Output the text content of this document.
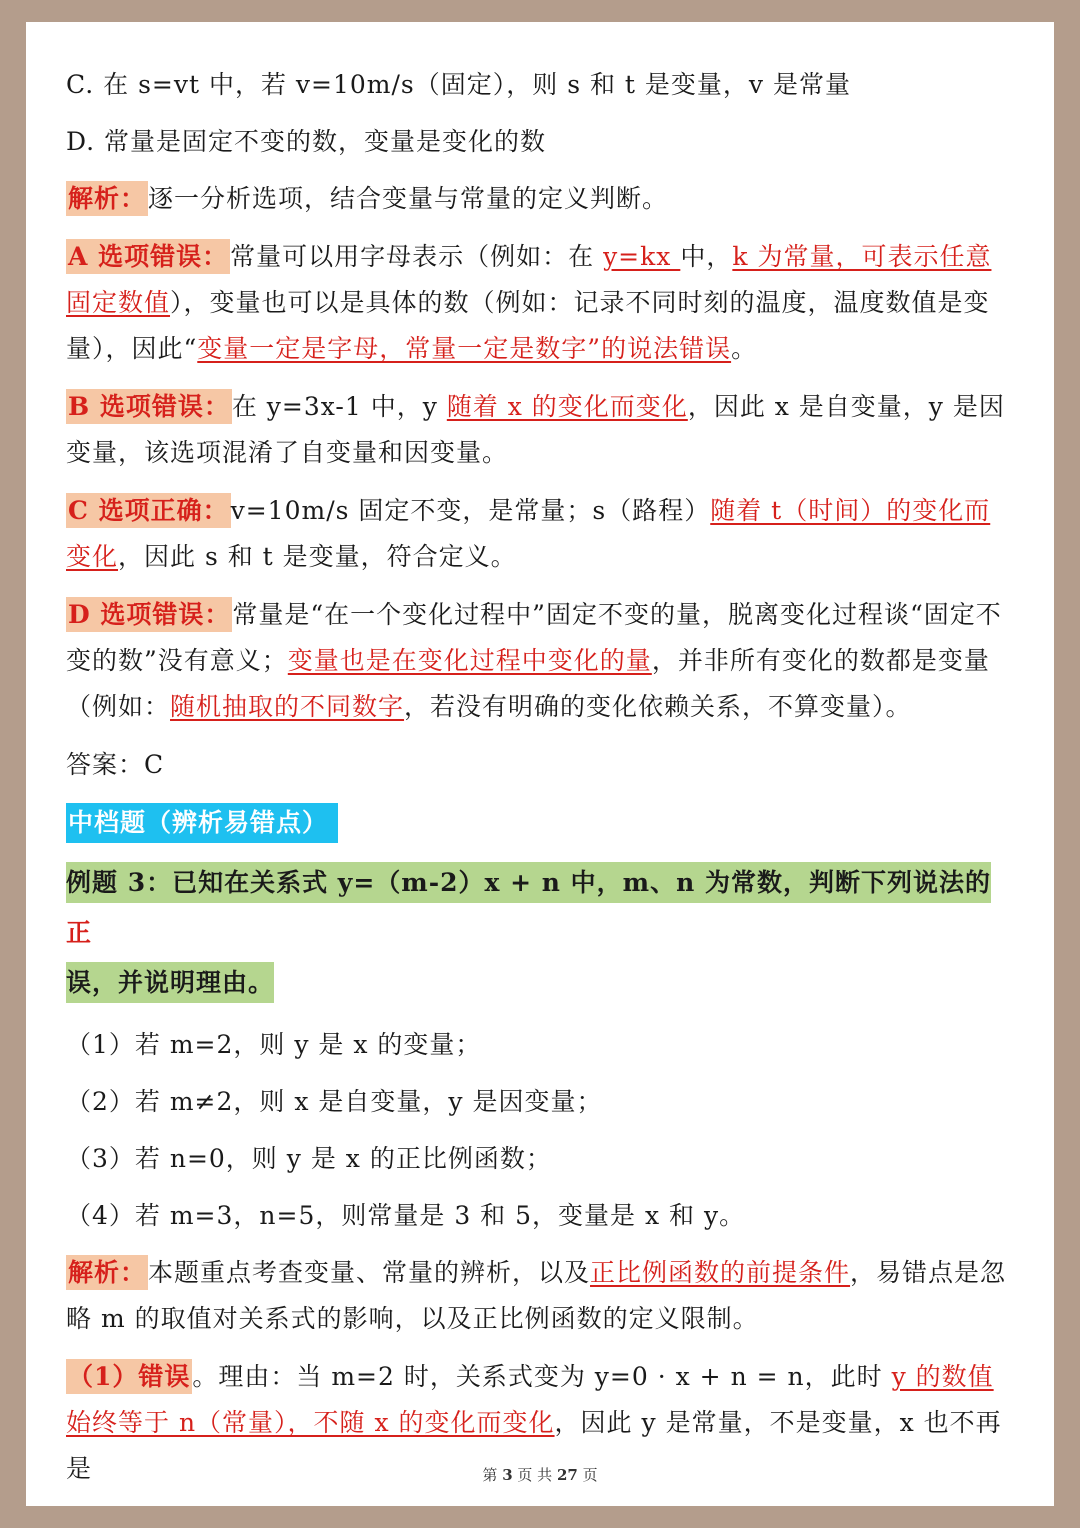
C. 在 s=vt 中，若 v=10m/s（固定），则 s 和 t 是变量，v 是常量

D. 常量是固定不变的数，变量是变化的数

解析：逐一分析选项，结合变量与常量的定义判断。

A 选项错误：常量可以用字母表示（例如：在 y=kx 中，k 为常量，可表示任意固定数值），变量也可以是具体的数（例如：记录不同时刻的温度，温度数值是变量），因此“变量一定是字母，常量一定是数字”的说法错误。

B 选项错误：在 y=3x-1 中，y 随着 x 的变化而变化，因此 x 是自变量，y 是因变量，该选项混淆了自变量和因变量。

C 选项正确：v=10m/s 固定不变，是常量；s（路程）随着 t（时间）的变化而变化，因此 s 和 t 是变量，符合定义。

D 选项错误：常量是“在一个变化过程中”固定不变的量，脱离变化过程谈“固定不变的数”没有意义；变量也是在变化过程中变化的量，并非所有变化的数都是变量（例如：随机抽取的不同数字，若没有明确的变化依赖关系，不算变量）。

答案：C

中档题（辨析易错点）

例题 3：已知在关系式 y=（m-2）x + n 中，m、n 为常数，判断下列说法的正
误，并说明理由。

（1）若 m=2，则 y 是 x 的变量；

（2）若 m≠2，则 x 是自变量，y 是因变量；

（3）若 n=0，则 y 是 x 的正比例函数；

（4）若 m=3，n=5，则常量是 3 和 5，变量是 x 和 y。

解析：本题重点考查变量、常量的辨析，以及正比例函数的前提条件，易错点是忽略 m 的取值对关系式的影响，以及正比例函数的定义限制。

（1）错误。理由：当 m=2 时，关系式变为 y=0 · x + n = n，此时 y 的数值始终等于 n（常量），不随 x 的变化而变化，因此 y 是常量，不是变量，x 也不再是	第 3 页 共 27 页
